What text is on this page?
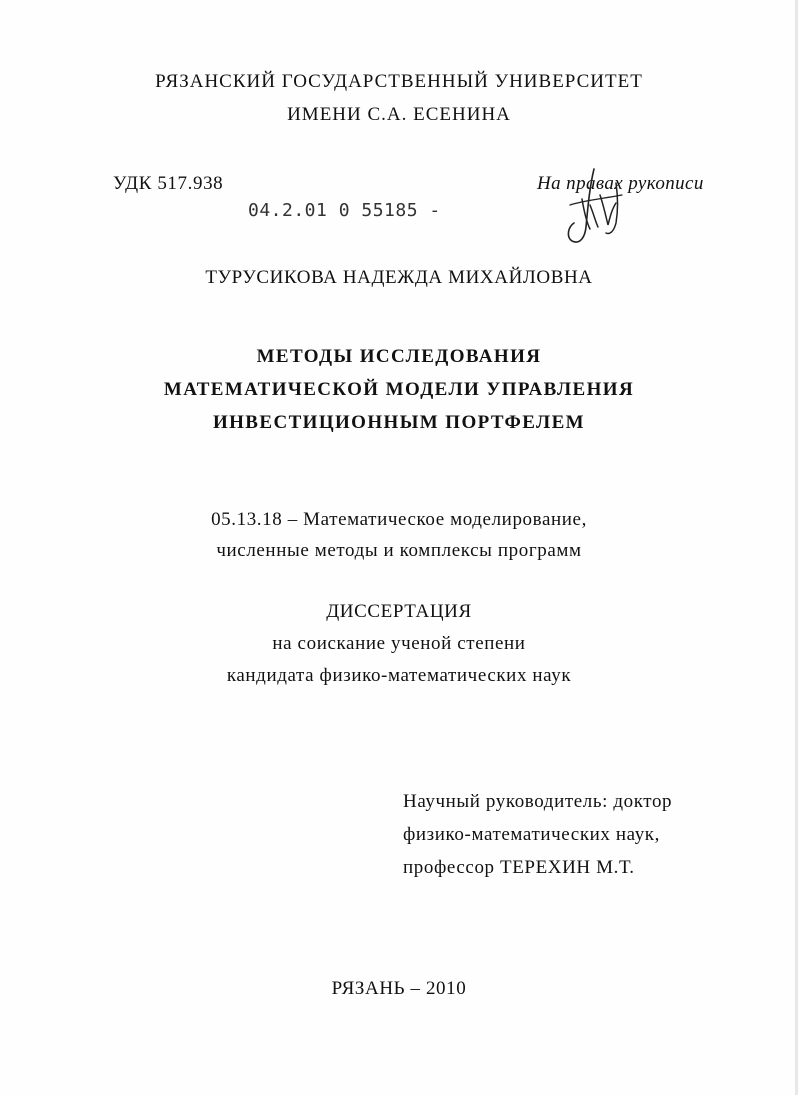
РЯЗАНСКИЙ ГОСУДАРСТВЕННЫЙ УНИВЕРСИТЕТ
ИМЕНИ С.А. ЕСЕНИНА
УДК 517.938	На правах рукописи
04.2.01 0 55185 -
ТУРУСИКОВА НАДЕЖДА МИХАЙЛОВНА
МЕТОДЫ ИССЛЕДОВАНИЯ
МАТЕМАТИЧЕСКОЙ МОДЕЛИ УПРАВЛЕНИЯ
ИНВЕСТИЦИОННЫМ ПОРТФЕЛЕМ
05.13.18 – Математическое моделирование,
численные методы и комплексы программ
ДИССЕРТАЦИЯ
на соискание ученой степени
кандидата физико-математических наук
Научный руководитель: доктор
физико-математических наук,
профессор ТЕРЕХИН М.Т.
РЯЗАНЬ – 2010
